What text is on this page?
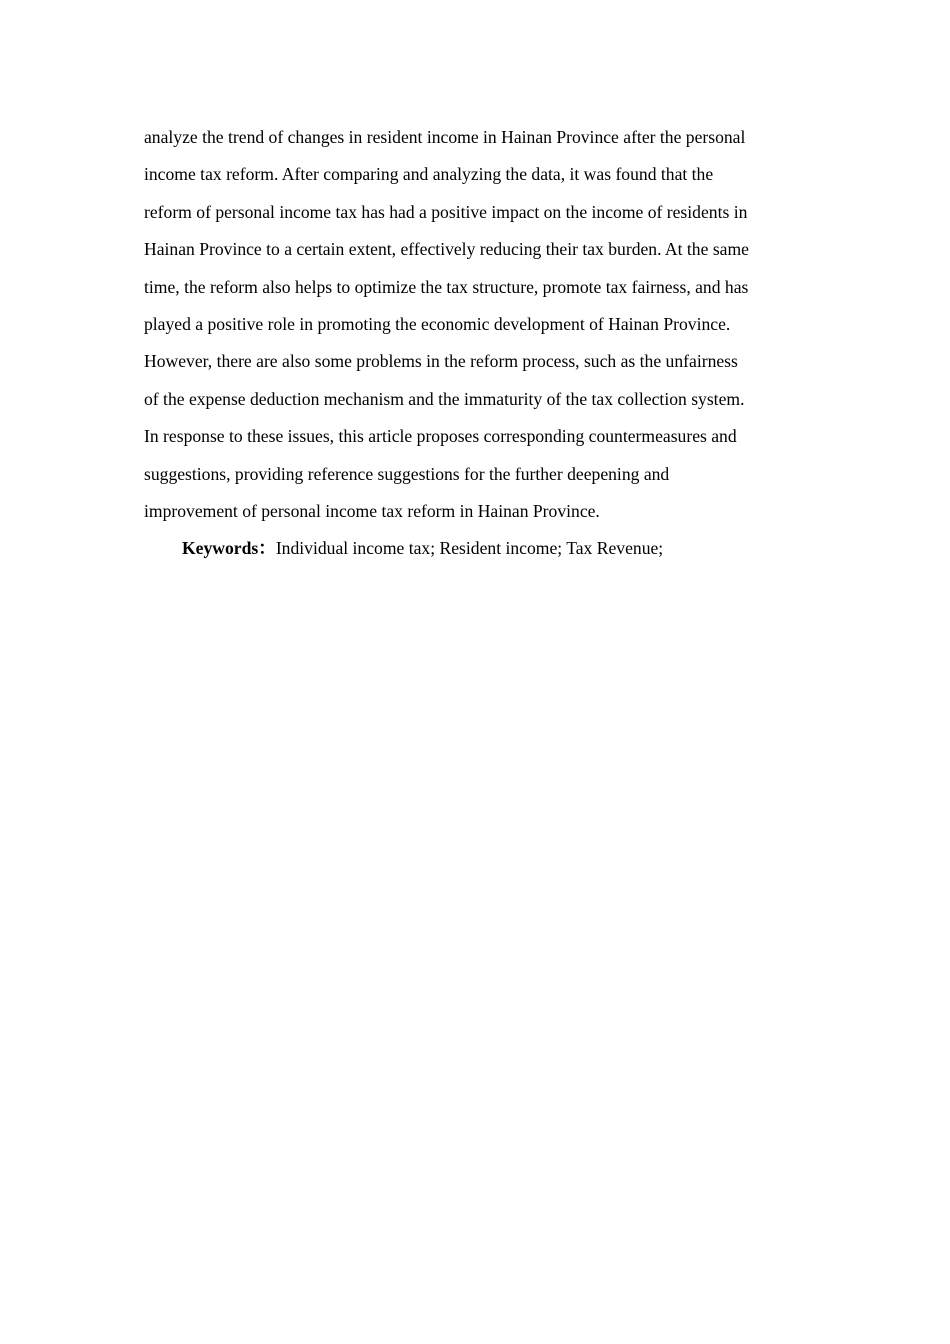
analyze the trend of changes in resident income in Hainan Province after the personal
income tax reform. After comparing and analyzing the data, it was found that the
reform of personal income tax has had a positive impact on the income of residents in
Hainan Province to a certain extent, effectively reducing their tax burden. At the same
time, the reform also helps to optimize the tax structure, promote tax fairness, and has
played a positive role in promoting the economic development of Hainan Province.
However, there are also some problems in the reform process, such as the unfairness
of the expense deduction mechanism and the immaturity of the tax collection system.
In response to these issues, this article proposes corresponding countermeasures and
suggestions, providing reference suggestions for the further deepening and
improvement of personal income tax reform in Hainan Province.
Keywords：Individual income tax; Resident income; Tax Revenue;
